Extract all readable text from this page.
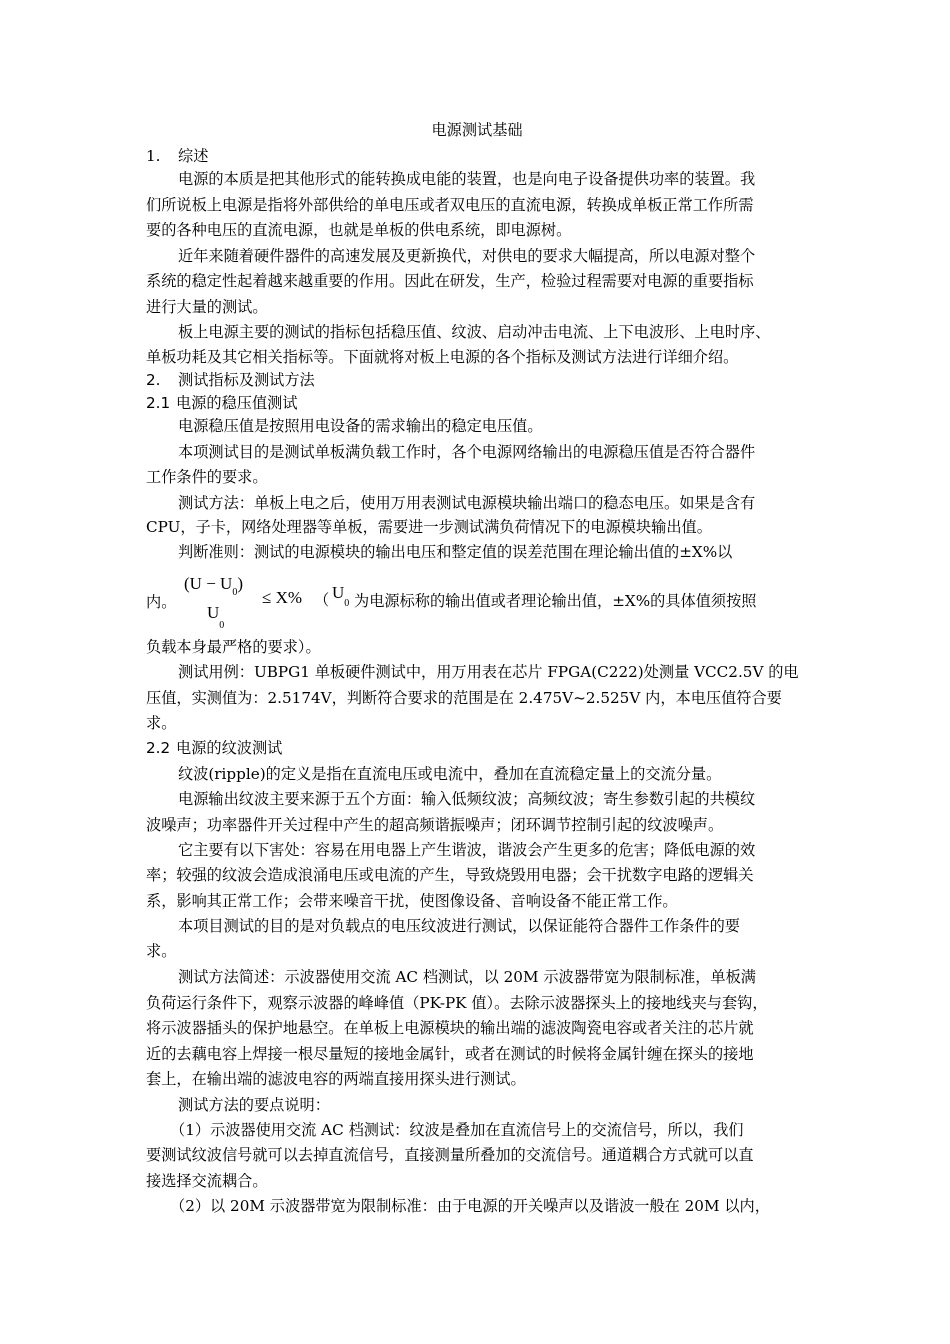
电源测试基础
1. 综述
电源的本质是把其他形式的能转换成电能的装置，也是向电子设备提供功率的装置。我
们所说板上电源是指将外部供给的单电压或者双电压的直流电源，转换成单板正常工作所需
要的各种电压的直流电源，也就是单板的供电系统，即电源树。
近年来随着硬件器件的高速发展及更新换代，对供电的要求大幅提高，所以电源对整个
系统的稳定性起着越来越重要的作用。因此在研发，生产，检验过程需要对电源的重要指标
进行大量的测试。
板上电源主要的测试的指标包括稳压值、纹波、启动冲击电流、上下电波形、上电时序、
单板功耗及其它相关指标等。下面就将对板上电源的各个指标及测试方法进行详细介绍。
2. 测试指标及测试方法
2.1 电源的稳压值测试
电源稳压值是按照用电设备的需求输出的稳定电压值。
本项测试目的是测试单板满负载工作时，各个电源网络输出的电源稳压值是否符合器件
工作条件的要求。
测试方法：单板上电之后，使用万用表测试电源模块输出端口的稳态电压。如果是含有
CPU，子卡，网络处理器等单板，需要进一步测试满负荷情况下的电源模块输出值。
判断准则：测试的电源模块的输出电压和整定值的误差范围在理论输出值的±X%以
内。
$(U - U_0)$
$U_0$
≤ X% （ $U_0$ 为电源标称的输出值或者理论输出值，±X%的具体值须按照
负载本身最严格的要求）。
测试用例：UBPG1 单板硬件测试中，用万用表在芯片 FPGA(C222)处测量 VCC2.5V 的电
压值，实测值为：2.5174V，判断符合要求的范围是在 2.475V~2.525V 内，本电压值符合要
求。
2.2 电源的纹波测试
纹波(ripple)的定义是指在直流电压或电流中，叠加在直流稳定量上的交流分量。
电源输出纹波主要来源于五个方面：输入低频纹波；高频纹波；寄生参数引起的共模纹
波噪声；功率器件开关过程中产生的超高频谐振噪声；闭环调节控制引起的纹波噪声。
它主要有以下害处：容易在用电器上产生谐波，谐波会产生更多的危害；降低电源的效
率；较强的纹波会造成浪涌电压或电流的产生，导致烧毁用电器；会干扰数字电路的逻辑关
系，影响其正常工作；会带来噪音干扰，使图像设备、音响设备不能正常工作。
本项目测试的目的是对负载点的电压纹波进行测试，以保证能符合器件工作条件的要
求。
测试方法简述：示波器使用交流 AC 档测试，以 20M 示波器带宽为限制标准，单板满
负荷运行条件下，观察示波器的峰峰值（PK-PK 值）。去除示波器探头上的接地线夹与套钩，
将示波器插头的保护地悬空。在单板上电源模块的输出端的滤波陶瓷电容或者关注的芯片就
近的去藕电容上焊接一根尽量短的接地金属针，或者在测试的时候将金属针缠在探头的接地
套上，在输出端的滤波电容的两端直接用探头进行测试。
测试方法的要点说明：
（1）示波器使用交流 AC 档测试：纹波是叠加在直流信号上的交流信号，所以，我们
要测试纹波信号就可以去掉直流信号，直接测量所叠加的交流信号。通道耦合方式就可以直
接选择交流耦合。
（2）以 20M 示波器带宽为限制标准：由于电源的开关噪声以及谐波一般在 20M 以内，
